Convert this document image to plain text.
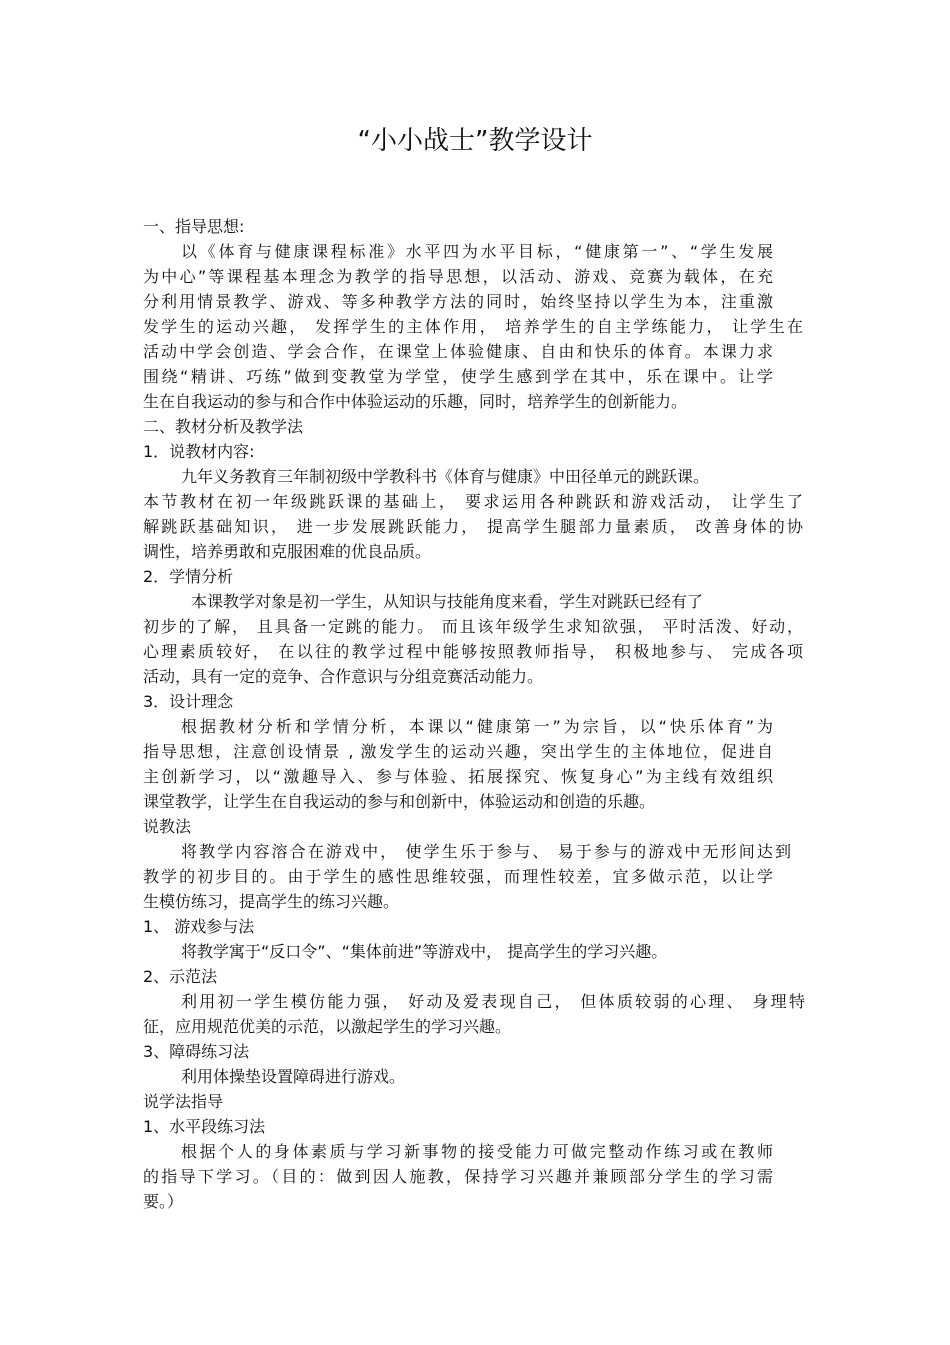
“小小战士”教学设计
一、指导思想:
以《体育与健康课程标准》水平四为水平目标，“健康第一”、“学生发展
为中心”等课程基本理念为教学的指导思想，以活动、游戏、竞赛为载体，在充
分利用情景教学、游戏、等多种教学方法的同时，始终坚持以学生为本，注重激
发学生的运动兴趣， 发挥学生的主体作用， 培养学生的自主学练能力， 让学生在
活动中学会创造、学会合作，在课堂上体验健康、自由和快乐的体育。本课力求
围绕“精讲、巧练”做到变教堂为学堂，使学生感到学在其中，乐在课中。让学
生在自我运动的参与和合作中体验运动的乐趣，同时，培养学生的创新能力。
二、教材分析及教学法
1．说教材内容:
九年义务教育三年制初级中学教科书《体育与健康》中田径单元的跳跃课。
本节教材在初一年级跳跃课的基础上， 要求运用各种跳跃和游戏活动， 让学生了
解跳跃基础知识， 进一步发展跳跃能力， 提高学生腿部力量素质， 改善身体的协
调性，培养勇敢和克服困难的优良品质。
2．学情分析
本课教学对象是初一学生，从知识与技能角度来看，学生对跳跃已经有了
初步的了解， 且具备一定跳的能力。 而且该年级学生求知欲强， 平时活泼、好动，
心理素质较好， 在以往的教学过程中能够按照教师指导， 积极地参与、 完成各项
活动，具有一定的竞争、合作意识与分组竞赛活动能力。
3．设计理念
根据教材分析和学情分析，本课以“健康第一”为宗旨，以“快乐体育”为
指导思想，注意创设情景 , 激发学生的运动兴趣，突出学生的主体地位，促进自
主创新学习，以“激趣导入、参与体验、拓展探究、恢复身心”为主线有效组织
课堂教学，让学生在自我运动的参与和创新中，体验运动和创造的乐趣。
说教法
将教学内容溶合在游戏中， 使学生乐于参与、 易于参与的游戏中无形间达到
教学的初步目的。由于学生的感性思维较强，而理性较差，宜多做示范，以让学
生模仿练习，提高学生的练习兴趣。
1、 游戏参与法
将教学寓于“反口令”、“集体前进”等游戏中， 提高学生的学习兴趣。
2、示范法
利用初一学生模仿能力强， 好动及爱表现自己， 但体质较弱的心理、 身理特
征，应用规范优美的示范，以激起学生的学习兴趣。
3、障碍练习法
利用体操垫设置障碍进行游戏。
说学法指导
1、水平段练习法
根据个人的身体素质与学习新事物的接受能力可做完整动作练习或在教师
的指导下学习。（目的：做到因人施教，保持学习兴趣并兼顾部分学生的学习需
要。）
